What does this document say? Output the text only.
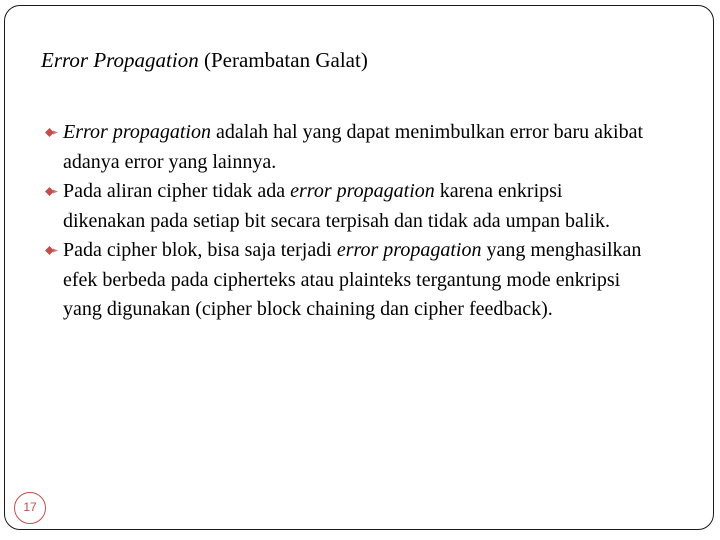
Error Propagation (Perambatan Galat)
Error propagation adalah hal yang dapat menimbulkan error baru akibat adanya error yang lainnya.
Pada aliran cipher tidak ada error propagation karena enkripsi dikenakan pada setiap bit secara terpisah dan tidak ada umpan balik.
Pada cipher blok, bisa saja terjadi error propagation yang menghasilkan efek berbeda pada cipherteks atau plainteks tergantung mode enkripsi yang digunakan (cipher block chaining dan cipher feedback).
17
